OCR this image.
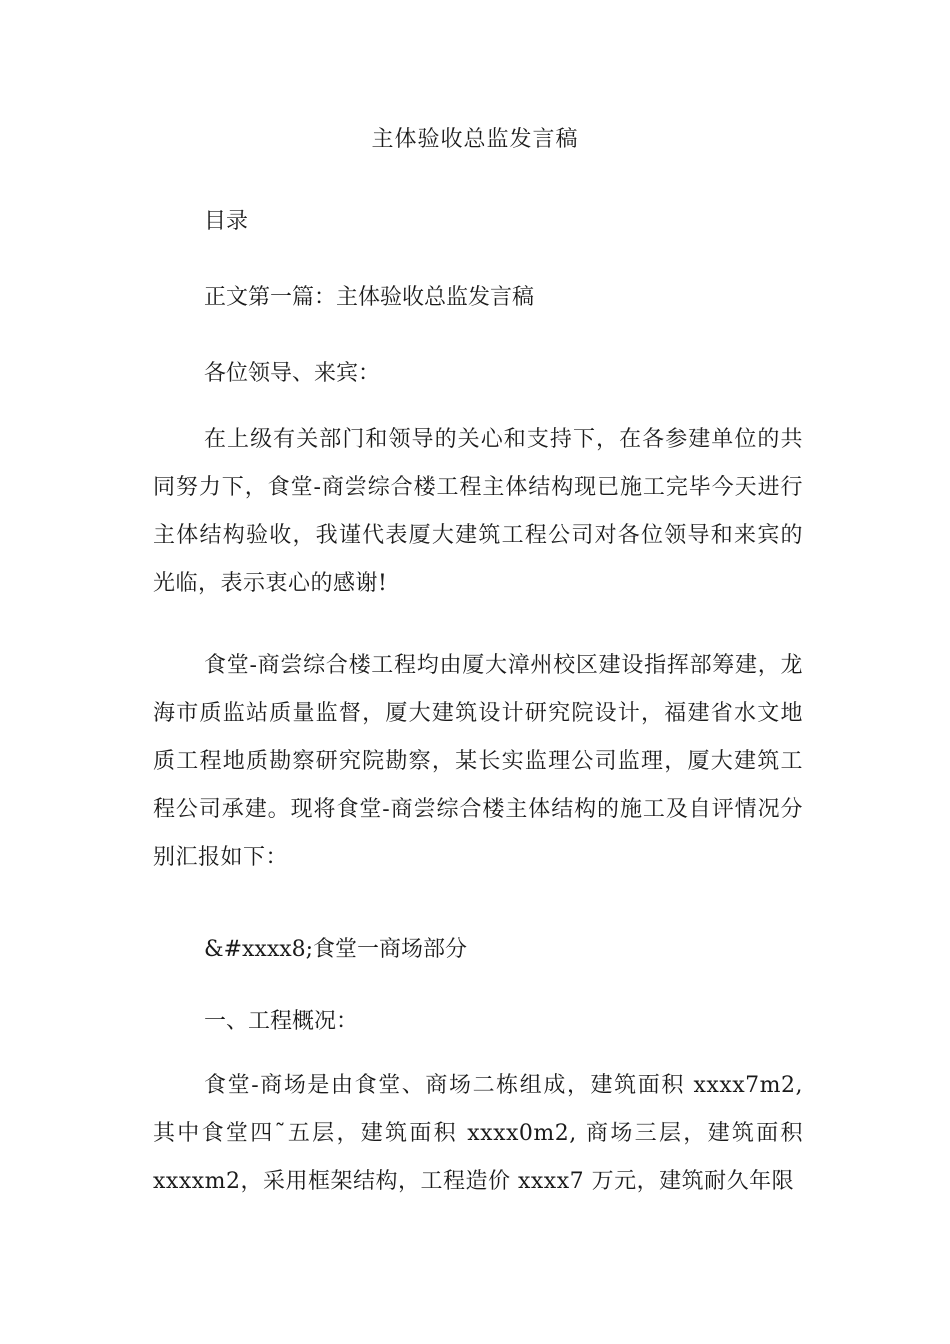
主体验收总监发言稿
目录
正文第一篇：主体验收总监发言稿
各位领导、来宾：
在上级有关部门和领导的关心和支持下，在各参建单位的共同努力下，食堂-商尝综合楼工程主体结构现已施工完毕今天进行主体结构验收，我谨代表厦大建筑工程公司对各位领导和来宾的光临，表示衷心的感谢!
食堂-商尝综合楼工程均由厦大漳州校区建设指挥部筹建，龙海市质监站质量监督，厦大建筑设计研究院设计，福建省水文地质工程地质勘察研究院勘察，某长实监理公司监理，厦大建筑工程公司承建。现将食堂-商尝综合楼主体结构的施工及自评情况分别汇报如下：
&#xxxx8;食堂一商场部分
一、工程概况：
食堂-商场是由食堂、商场二栋组成，建筑面积 xxxx7m2, 其中食堂四˜五层，建筑面积 xxxx0m2, 商场三层，建筑面积 xxxxm2，采用框架结构，工程造价 xxxx7 万元，建筑耐久年限
